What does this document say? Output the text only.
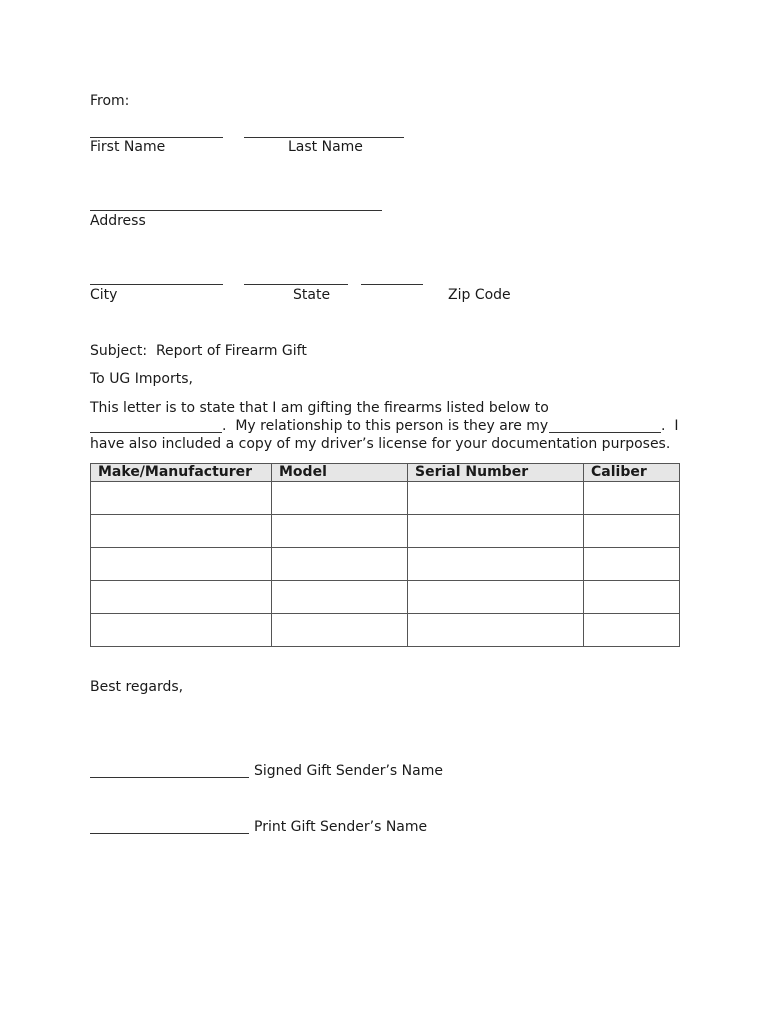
From:
First Name	Last Name
Address
City	State	Zip Code
Subject:  Report of Firearm Gift
To UG Imports,
This letter is to state that I am gifting the firearms listed below to
.  My relationship to this person is they are my	.  I
have also included a copy of my driver’s license for your documentation purposes.
Make/Manufacturer	Model	Serial Number	Caliber

Best regards,
Signed Gift Sender’s Name
Print Gift Sender’s Name
